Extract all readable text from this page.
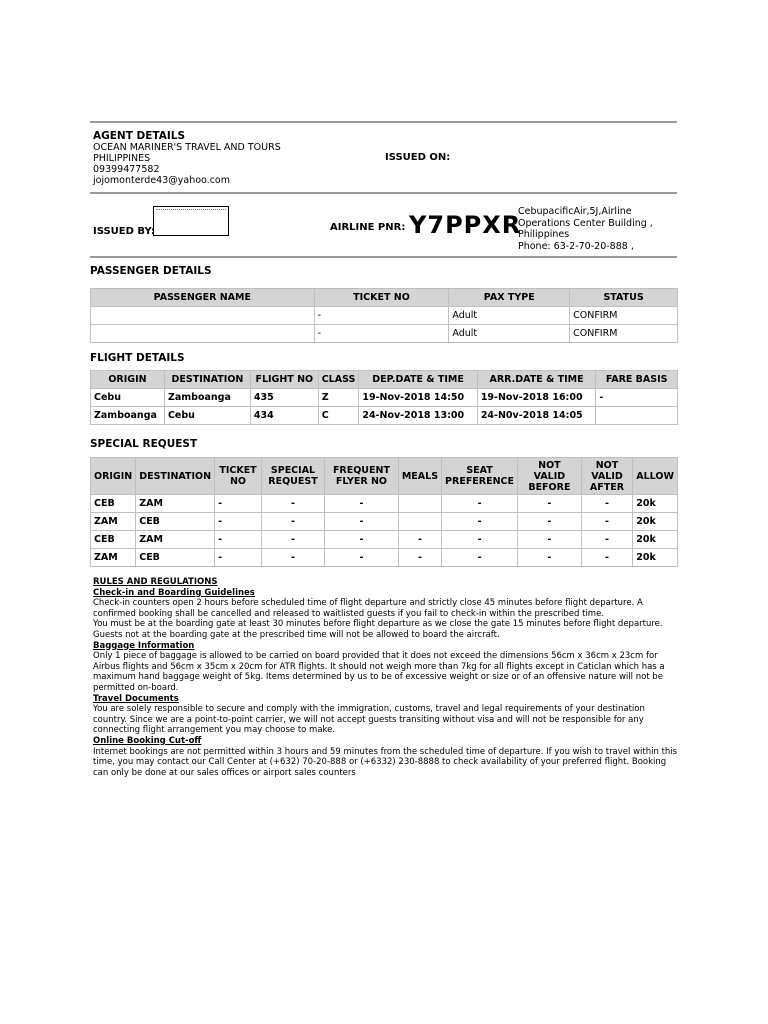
AGENT DETAILS
OCEAN MARINER'S TRAVEL AND TOURS
PHILIPPINES
09399477582
jojomonterde43@yahoo.com
ISSUED ON:
ISSUED BY:	AIRLINE PNR: Y7PPXR
CebupacificAir,5J,Airline
Operations Center Building ,
Philippines
Phone: 63-2-70-20-888 ,
PASSENGER DETAILS
PASSENGER NAME	TICKET NO	PAX TYPE	STATUS
	-	Adult	CONFIRM
	-	Adult	CONFIRM
FLIGHT DETAILS
ORIGIN	DESTINATION	FLIGHT NO	CLASS	DEP.DATE & TIME	ARR.DATE & TIME	FARE BASIS
Cebu	Zamboanga	435	Z	19-Nov-2018 14:50	19-Nov-2018 16:00	-
Zamboanga	Cebu	434	C	24-Nov-2018 13:00	24-N0v-2018 14:05	
SPECIAL REQUEST
ORIGIN	DESTINATION	TICKET NO	SPECIAL REQUEST	FREQUENT FLYER NO	MEALS	SEAT PREFERENCE	NOT VALID BEFORE	NOT VALID AFTER	ALLOW
CEB	ZAM	-	-	-		-	-	-	20k
ZAM	CEB	-	-	-		-	-	-	20k
CEB	ZAM	-	-	-	-	-	-	-	20k
ZAM	CEB	-	-	-	-	-	-	-	20k
RULES AND REGULATIONS
Check-in and Boarding Guidelines
Check-in counters open 2 hours before scheduled time of flight departure and strictly close 45 minutes before flight departure. A confirmed booking shall be cancelled and released to waitlisted guests if you fail to check-in within the prescribed time.
You must be at the boarding gate at least 30 minutes before flight departure as we close the gate 15 minutes before flight departure. Guests not at the boarding gate at the prescribed time will not be allowed to board the aircraft.
Baggage Information
Only 1 piece of baggage is allowed to be carried on board provided that it does not exceed the dimensions 56cm x 36cm x 23cm for Airbus flights and 56cm x 35cm x 20cm for ATR flights. It should not weigh more than 7kg for all flights except in Caticlan which has a maximum hand baggage weight of 5kg. Items determined by us to be of excessive weight or size or of an offensive nature will not be permitted on-board.
Travel Documents
You are solely responsible to secure and comply with the immigration, customs, travel and legal requirements of your destination country. Since we are a point-to-point carrier, we will not accept guests transiting without visa and will not be responsible for any connecting flight arrangement you may choose to make.
Online Booking Cut-off
Internet bookings are not permitted within 3 hours and 59 minutes from the scheduled time of departure. If you wish to travel within this time, you may contact our Call Center at (+632) 70-20-888 or (+6332) 230-8888 to check availability of your preferred flight. Booking can only be done at our sales offices or airport sales counters
